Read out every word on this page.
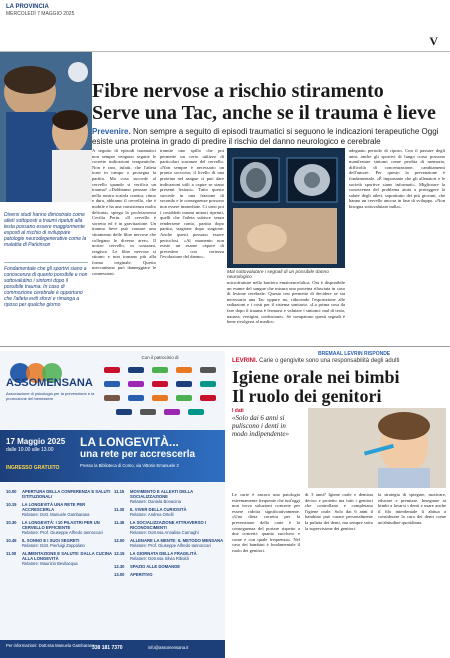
LA PROVINCIA
MERCOLEDÌ 7 MAGGIO 2025
V
Fibre nervose a rischio stiramento
Serve una Tac, anche se il trauma è lieve
Prevenire. Non sempre a seguito di episodi traumatici si seguono le indicazioni terapeutiche Oggi esiste una proteina in grado di predire il rischio del danno neurologico e cerebrale
Diversi studi hanno dimostrato come atleti sottoposti a traumi ripetuti alla testa possano essere maggiormente esposti al rischio di sviluppare patologie neurodegenerative come la malattia di Parkinson
Fondamentale che gli sportivi siano a conoscenza di quanto possibile e non sottovalutino i sintomi dopo il possibile trauma. In caso di commozione cerebrale è opportuno che l'atleta eviti sforzi e rimanga a riposo per qualche giorno
A seguito di episodi traumatici non sempre vengono seguite le corrette indicazioni terapeutiche. Non è raro, infatti, che l'atleta torni in campo o prosegua la partita. Ma cosa succede al cervello quando si verifica un trauma? «Dobbiamo pensare che nella nostra scatola cranica, ritmo e dura, abbiamo il cervello, che è mobile e ha una consistenza molto delicata» spiega la professoressa Cecilia Perin. «Il cervello è sorretto ed è in gravitazione. Un trauma lieve può causare uno stiramento delle fibre nervose che collegano le diverse aree». Il nostro cervello, in sostanza, reagisce. Le fibre nervose si stirano e non tornano più alla forma originale. Questo meccanismo può danneggiare le connessioni.
tramite uno spillo che poi permette un certo utilizzo di particolari sostanze del cervello. «Non sempre è necessario un pronto soccorso; il livello di una proteina nel sangue ci può dare indicazioni utili a capire se siano presenti lesioni». Tutto questo succede in una frazione di secondo e le conseguenze possono non essere immediate. Ci sono poi i cosiddetti traumi minori ripetuti, quelli che l'atleta subisce senza rendersene conto, partita dopo partita, stagione dopo stagione. Anche questi possono essere pericolosi. «Al momento non esiste un esame capace di prevedere con certezza l'evoluzione del danno».
Mal sottovalutare i segnali di un possibile danno neurologico
microfratture nella barriera ematoencefalica. Ora è disponibile un esame del sangue che misura una proteina rilasciata in caso di lesione cerebrale. Questo test permette di decidere se sia necessaria una Tac oppure no, riducendo l'esposizione alle radiazioni e i costi per il sistema sanitario. «La prima cosa da fare dopo il trauma è fermarsi e valutare i sintomi: mal di testa, nausea, vertigini, confusione». Se compaiono questi segnali è bene rivolgersi al medico.
adeguato periodo di riposo. Con il passare degli anni, anche gli sportivi di lungo corso possono manifestare sintomi come perdita di memoria, difficoltà di concentrazione, cambiamenti dell'umore. Per questo la prevenzione è fondamentale. «È importante che gli allenatori e le società sportive siano informati». Migliorare la conoscenza del problema aiuta a proteggere la salute degli atleti, soprattutto dei più giovani, che hanno un cervello ancora in fase di sviluppo. «Non bisogna sottovalutare nulla».
ASSOMENSANA
Associazione di psicologia per la prevenzione e la promozione del benessere
Con il patrocinio di
17 Maggio 2025
dalle 10.00 alle 13.00
INGRESSO GRATUITO
LA LONGEVITÀ...
una rete per accrescerla
Presso la Biblioteca di Como, via Vittorio Emanuele 2
10.00	APERTURA DELLA CONFERENZA E SALUTI ISTITUZIONALI
10.15	LA LONGEVITÀ UNA RETE PER ACCRESCERLA
Relatore: Dott. Manuele Gambarana
10.30	LA LONGEVITÀ: I 10 PILASTRI PER UN CERVELLO EFFICIENTE
Relatore: Prof. Giuseppe Alfredo Iannoccari
10.45	IL SONNO E I SUOI SEGRETI
Relatore: Dott. Pierluigi Zoppolato
11.00	ALIMENTAZIONE E SALUTE: DALLA CUCINA ALLA LONGEVITÀ
Relatore: Maurizio Bevilacqua
11.15	MOVIMENTO E ALLEATI DELLA SOCIALIZZAZIONE
Relatore: Daniela Bonacina
11.30	IL VIVER DELLA CURIOSITÀ
Relatore: Andrea Ortelli
11.45	LA SOCIALIZZAZIONE ATTRAVERSO I RICONOSCIMENTI
Relatore: Dott.ssa Annalisa Carnaghi
12.00	ALLENARE LA MENTE: IL METODO MENSANA
Relatore: Prof. Giuseppe Alfredo Iannoccari
12.15	LA GIORNATA DELLA FRAGILITÀ
Relatore: Dott.ssa Silvia Riboldi
12.30	SPAZIO ALLE DOMANDE
13.00	APERITIVO
Per informazioni: Dott.ssa Manuela Gambarana
338 181 7370	info@assomensana.it
BREMAAL LEVRIN RISPONDE
LEVRINI. Carie o gengivite sono una responsabilità degli adulti
Igiene orale nei bimbi
Il ruolo dei genitori
I dati
«Solo dai 6 anni si puliscono i denti in modo indipendente»
Le carie è ancora una patologia estremamente frequente che tutt'oggi non trova soluzioni concrete per essere ridotta significativamente. «Una dieta corretta per la prevenzione della carie è la conseguenza del portare rispetto a due concetti: quanto zucchero e come e con quale frequenza». Nel caso dei bambini è fondamentale il ruolo dei genitori.
di 3 anni? Igiene orale e dentista deciso e protetto ma tutti i genitori che controllano e completano l'igiene orale. Solo dai 6 anni il bambino può curare personalmente la pulizia dei denti, ma sempre sotto la supervisione dei genitori.
la strategia di spiegare, motivare, educare e premiare. Insegnare ai bimbi a lavarsi i denti e usare anche il filo interdentale li abitua a considerare la cura dei denti come un'abitudine quotidiana.
